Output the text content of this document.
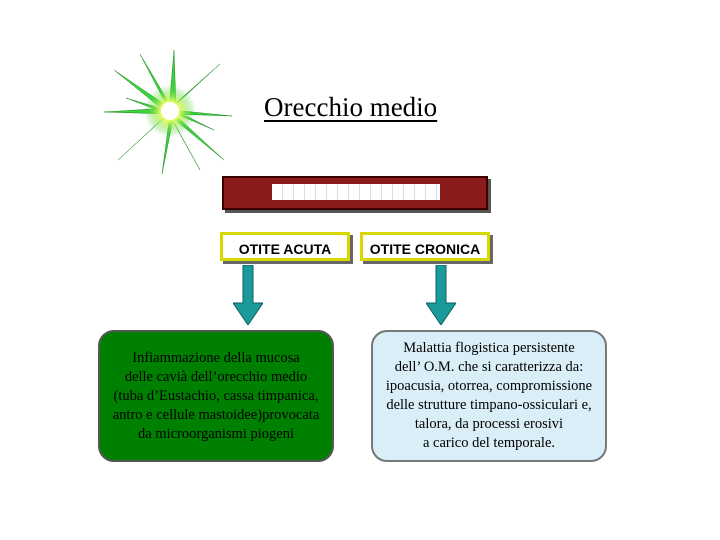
Orecchio medio
OTITE ACUTA	OTITE CRONICA
Infiammazione della mucosa
delle cavià dell’orecchio medio
(tuba d’Eustachio, cassa timpanica,
antro e cellule mastoidee)provocata
da microorganismi piogeni
Malattia flogistica persistente
dell’ O.M. che si caratterizza da:
ipoacusia, otorrea, compromissione
delle strutture timpano-ossiculari e,
talora, da processi erosivi
a carico del temporale.
